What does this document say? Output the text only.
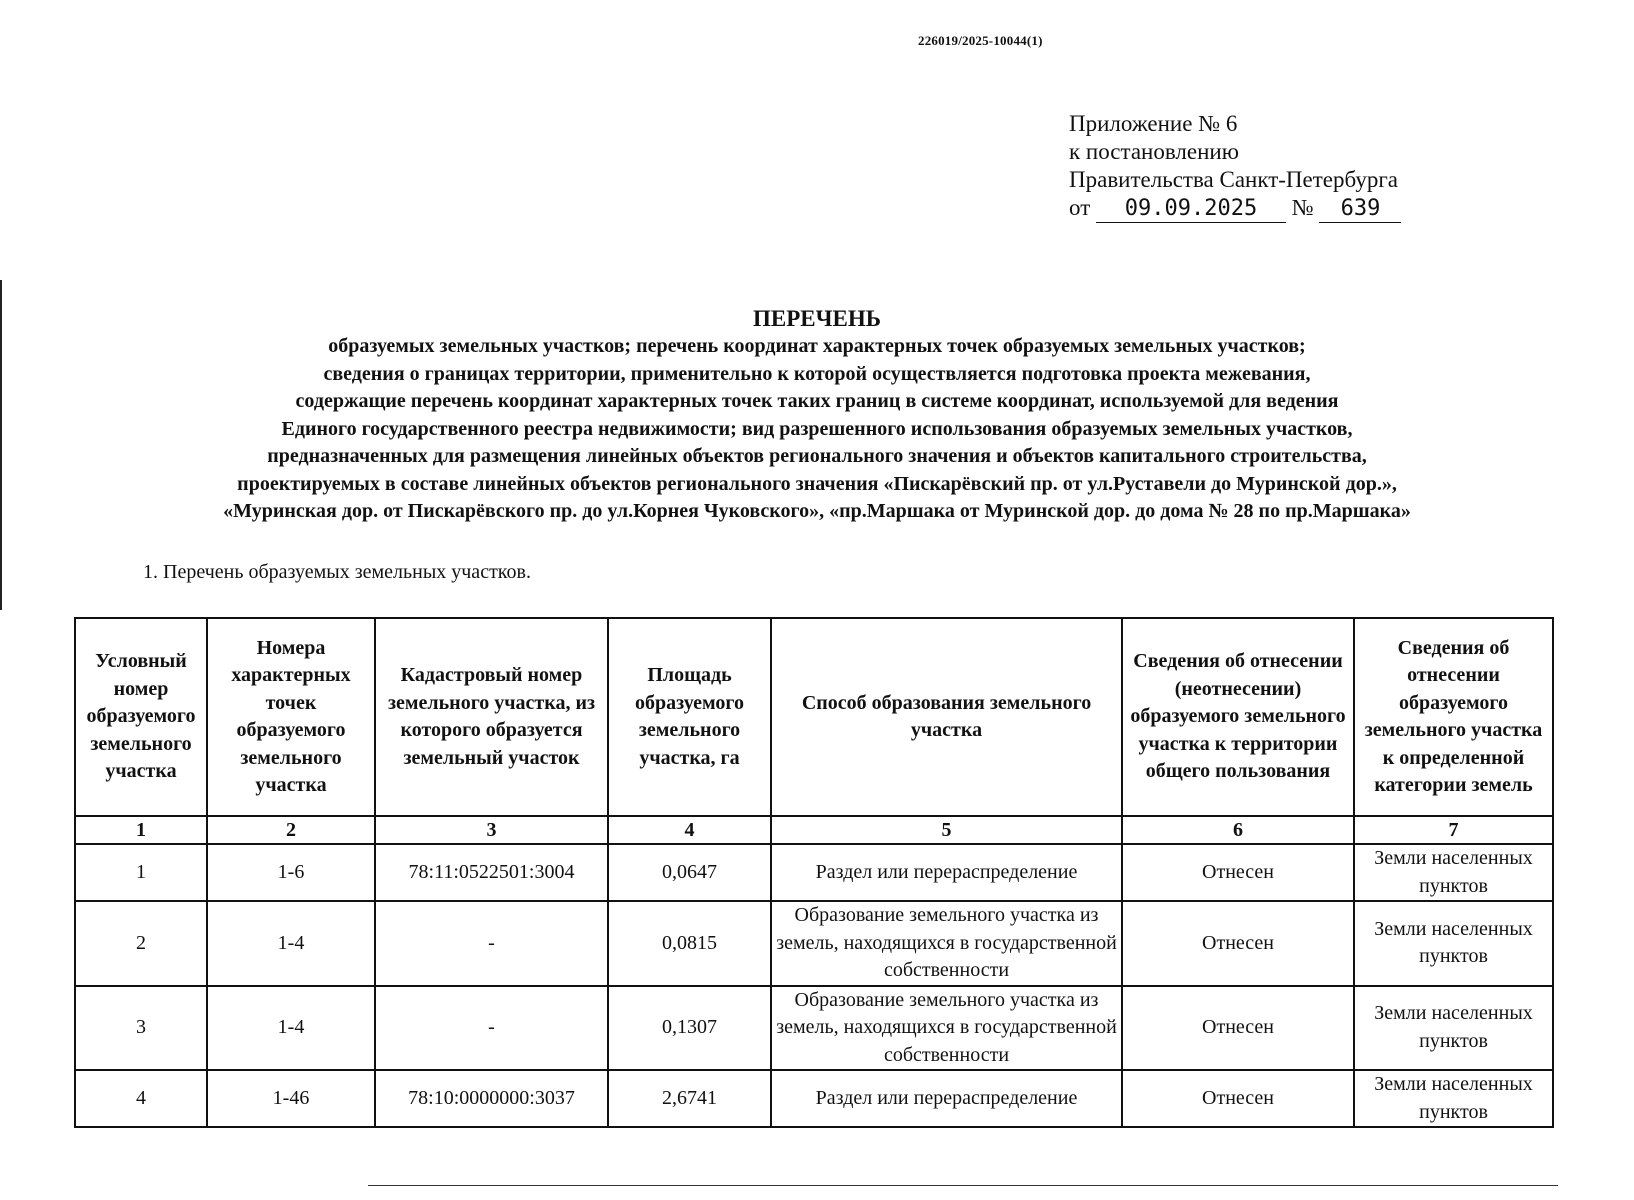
226019/2025-10044(1)
Приложение № 6
к постановлению
Правительства Санкт-Петербурга
от 09.09.2025 № 639
ПЕРЕЧЕНЬ
образуемых земельных участков; перечень координат характерных точек образуемых земельных участков;
сведения о границах территории, применительно к которой осуществляется подготовка проекта межевания,
содержащие перечень координат характерных точек таких границ в системе координат, используемой для ведения
Единого государственного реестра недвижимости; вид разрешенного использования образуемых земельных участков,
предназначенных для размещения линейных объектов регионального значения и объектов капитального строительства,
проектируемых в составе линейных объектов регионального значения «Пискарёвский пр. от ул.Руставели до Муринской дор.»,
«Муринская дор. от Пискарёвского пр. до ул.Корнея Чуковского», «пр.Маршака от Муринской дор. до дома № 28 по пр.Маршака»
1. Перечень образуемых земельных участков.
Условный номер образуемого земельного участка	Номера характерных точек образуемого земельного участка	Кадастровый номер земельного участка, из которого образуется земельный участок	Площадь образуемого земельного участка, га	Способ образования земельного участка	Сведения об отнесении (неотнесении) образуемого земельного участка к территории общего пользования	Сведения об отнесении образуемого земельного участка к определенной категории земель
1	2	3	4	5	6	7
1	1-6	78:11:0522501:3004	0,0647	Раздел или перераспределение	Отнесен	Земли населенных пунктов
2	1-4	-	0,0815	Образование земельного участка из земель, находящихся в государственной собственности	Отнесен	Земли населенных пунктов
3	1-4	-	0,1307	Образование земельного участка из земель, находящихся в государственной собственности	Отнесен	Земли населенных пунктов
4	1-46	78:10:0000000:3037	2,6741	Раздел или перераспределение	Отнесен	Земли населенных пунктов
